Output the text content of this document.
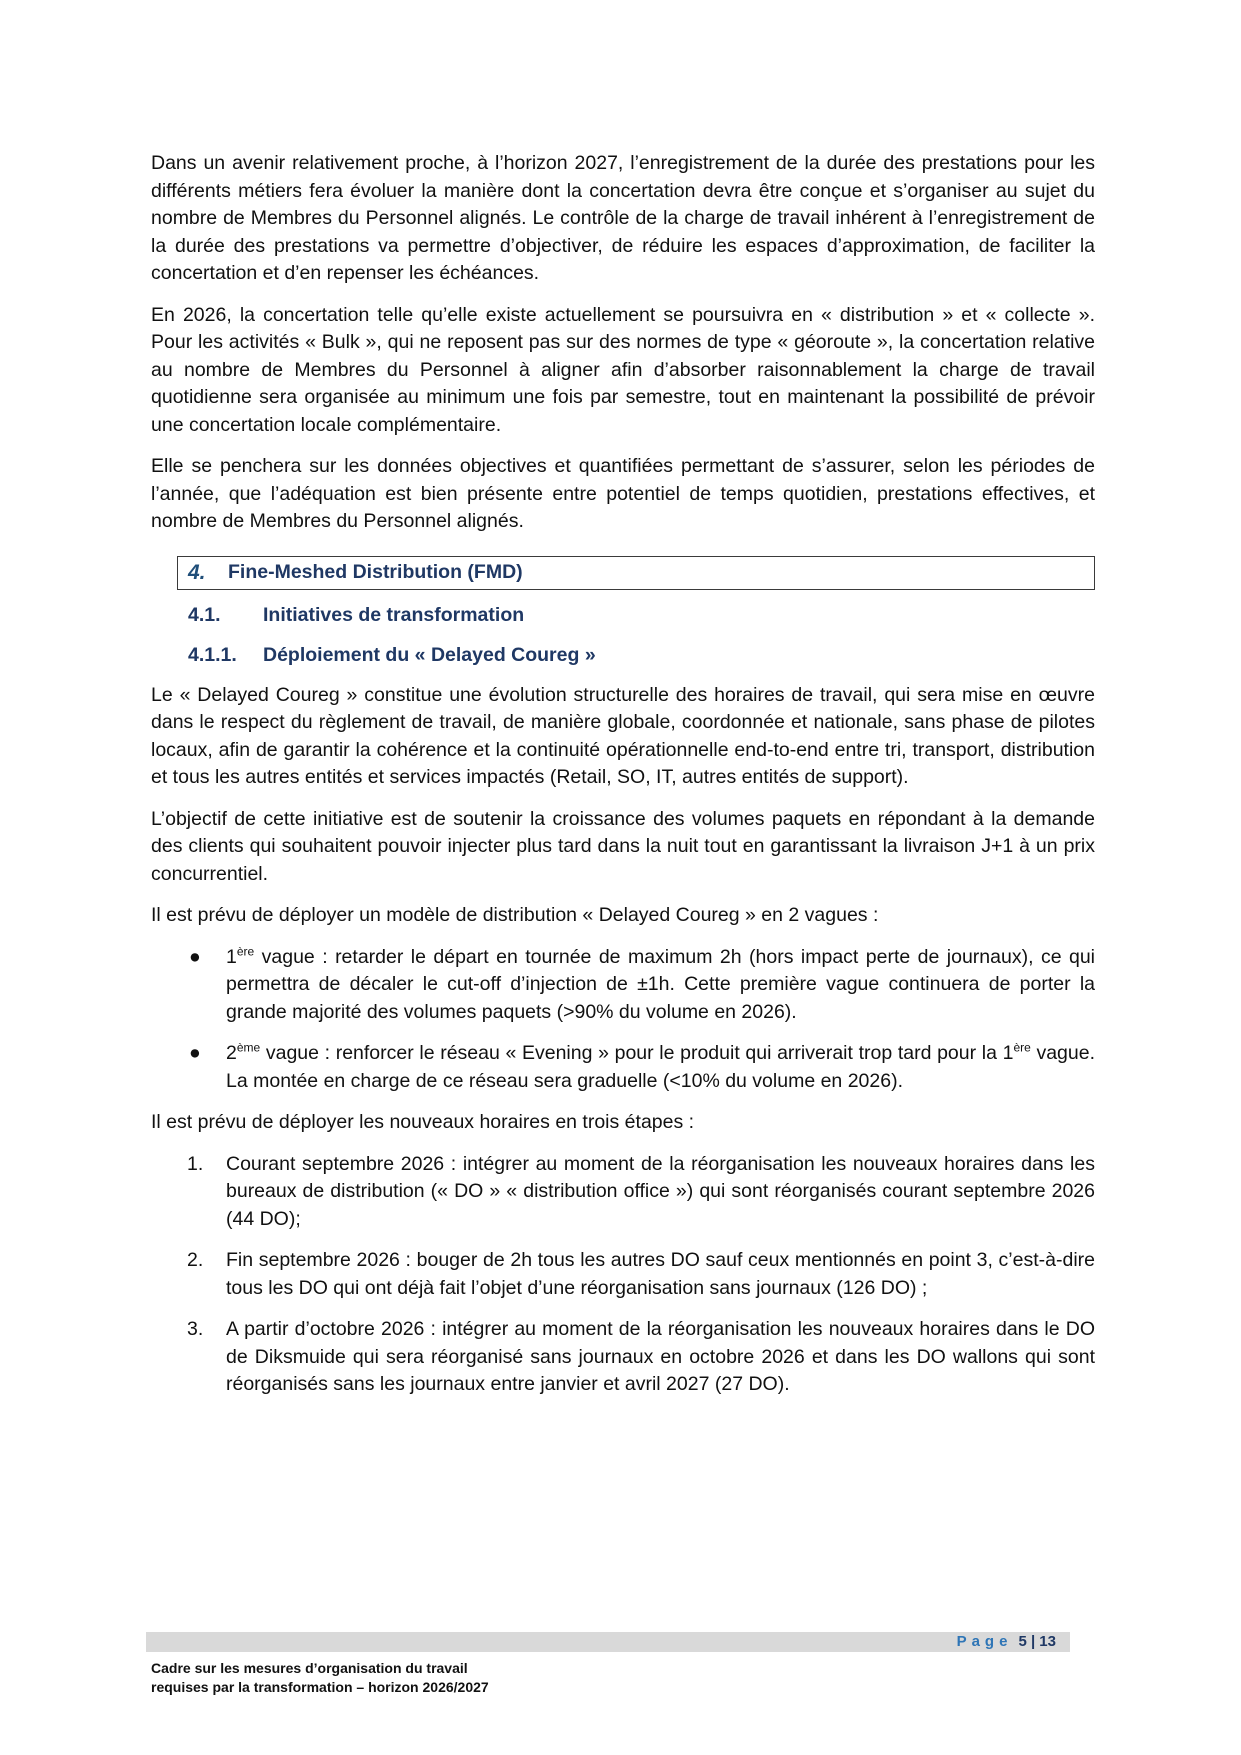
Dans un avenir relativement proche, à l’horizon 2027, l’enregistrement de la durée des prestations pour les différents métiers fera évoluer la manière dont la concertation devra être conçue et s’organiser au sujet du nombre de Membres du Personnel alignés. Le contrôle de la charge de travail inhérent à l’enregistrement de la durée des prestations va permettre d’objectiver, de réduire les espaces d’approximation, de faciliter la concertation et d’en repenser les échéances.

En 2026, la concertation telle qu’elle existe actuellement se poursuivra en « distribution » et « collecte ». Pour les activités « Bulk », qui ne reposent pas sur des normes de type « géoroute », la concertation relative au nombre de Membres du Personnel à aligner afin d’absorber raisonnablement la charge de travail quotidienne sera organisée au minimum une fois par semestre, tout en maintenant la possibilité de prévoir une concertation locale complémentaire.

Elle se penchera sur les données objectives et quantifiées permettant de s’assurer, selon les périodes de l’année, que l’adéquation est bien présente entre potentiel de temps quotidien, prestations effectives, et nombre de Membres du Personnel alignés.

4.	Fine-Meshed Distribution (FMD)
4.1.	Initiatives de transformation
4.1.1.	Déploiement du « Delayed Coureg »

Le « Delayed Coureg » constitue une évolution structurelle des horaires de travail, qui sera mise en œuvre dans le respect du règlement de travail, de manière globale, coordonnée et nationale, sans phase de pilotes locaux, afin de garantir la cohérence et la continuité opérationnelle end-to-end entre tri, transport, distribution et tous les autres entités et services impactés (Retail, SO, IT, autres entités de support).

L’objectif de cette initiative est de soutenir la croissance des volumes paquets en répondant à la demande des clients qui souhaitent pouvoir injecter plus tard dans la nuit tout en garantissant la livraison J+1 à un prix concurrentiel.

Il est prévu de déployer un modèle de distribution « Delayed Coureg » en 2 vagues :

● 1ère vague : retarder le départ en tournée de maximum 2h (hors impact perte de journaux), ce qui permettra de décaler le cut-off d’injection de ±1h. Cette première vague continuera de porter la grande majorité des volumes paquets (>90% du volume en 2026).
● 2ème vague : renforcer le réseau « Evening » pour le produit qui arriverait trop tard pour la 1ère vague. La montée en charge de ce réseau sera graduelle (<10% du volume en 2026).

Il est prévu de déployer les nouveaux horaires en trois étapes :

1. Courant septembre 2026 : intégrer au moment de la réorganisation les nouveaux horaires dans les bureaux de distribution (« DO » « distribution office ») qui sont réorganisés courant septembre 2026 (44 DO);
2. Fin septembre 2026 : bouger de 2h tous les autres DO sauf ceux mentionnés en point 3, c’est-à-dire tous les DO qui ont déjà fait l’objet d’une réorganisation sans journaux (126 DO) ;
3. A partir d’octobre 2026 : intégrer au moment de la réorganisation les nouveaux horaires dans le DO de Diksmuide qui sera réorganisé sans journaux en octobre 2026 et dans les DO wallons qui sont réorganisés sans les journaux entre janvier et avril 2027 (27 DO).
Page 5 | 13
Cadre sur les mesures d’organisation du travail
requises par la transformation – horizon 2026/2027
